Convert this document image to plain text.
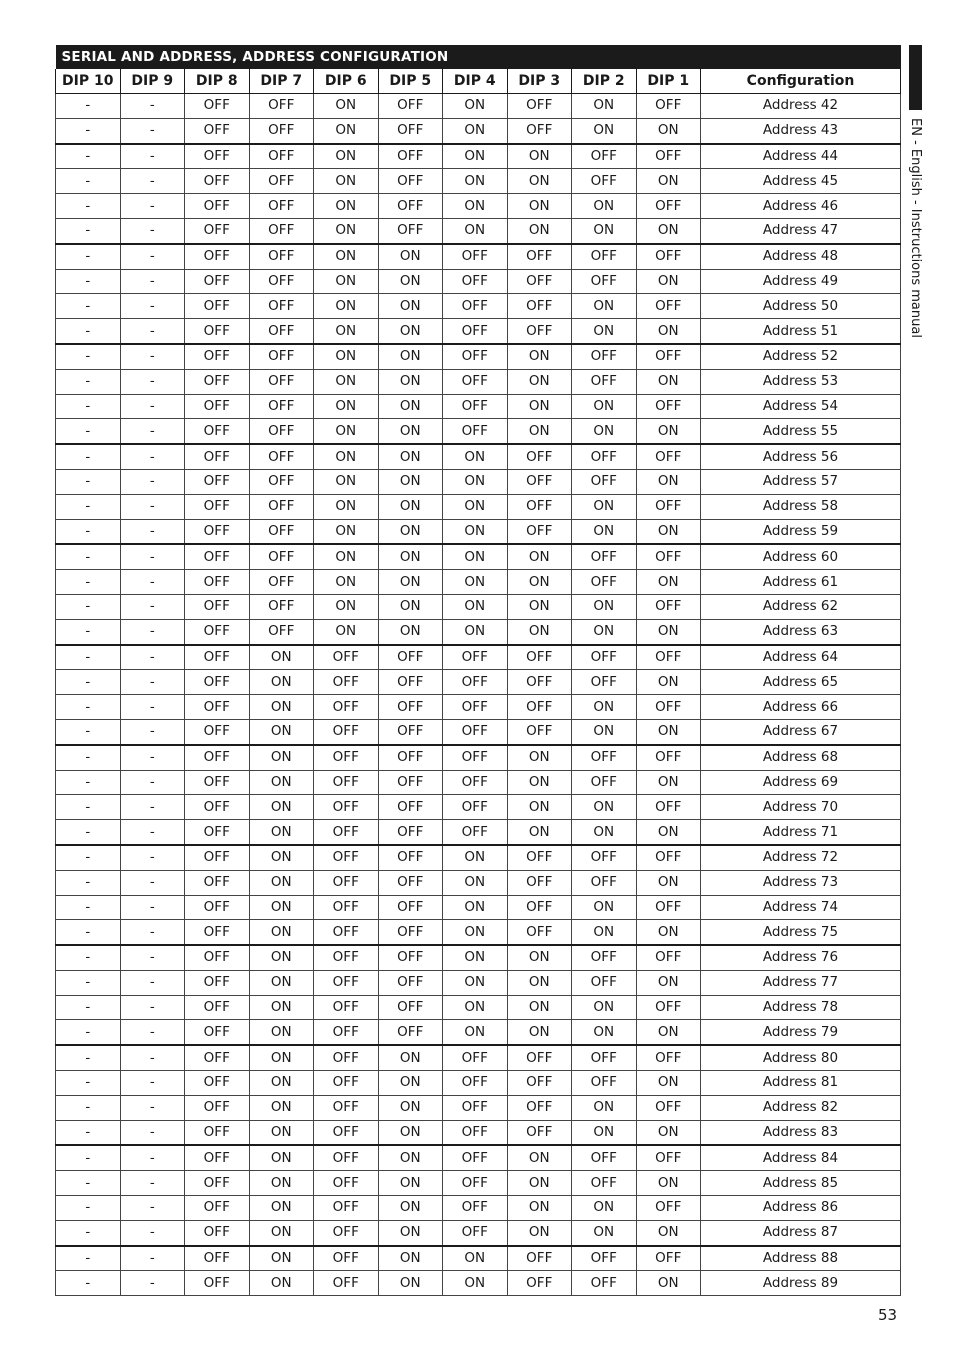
SERIAL AND ADDRESS, ADDRESS CONFIGURATION										
DIP 10	DIP 9	DIP 8	DIP 7	DIP 6	DIP 5	DIP 4	DIP 3	DIP 2	DIP 1	Configuration
-	-	OFF	OFF	ON	OFF	ON	OFF	ON	OFF	Address 42
-	-	OFF	OFF	ON	OFF	ON	OFF	ON	ON	Address 43
-	-	OFF	OFF	ON	OFF	ON	ON	OFF	OFF	Address 44
-	-	OFF	OFF	ON	OFF	ON	ON	OFF	ON	Address 45
-	-	OFF	OFF	ON	OFF	ON	ON	ON	OFF	Address 46
-	-	OFF	OFF	ON	OFF	ON	ON	ON	ON	Address 47
-	-	OFF	OFF	ON	ON	OFF	OFF	OFF	OFF	Address 48
-	-	OFF	OFF	ON	ON	OFF	OFF	OFF	ON	Address 49
-	-	OFF	OFF	ON	ON	OFF	OFF	ON	OFF	Address 50
-	-	OFF	OFF	ON	ON	OFF	OFF	ON	ON	Address 51
-	-	OFF	OFF	ON	ON	OFF	ON	OFF	OFF	Address 52
-	-	OFF	OFF	ON	ON	OFF	ON	OFF	ON	Address 53
-	-	OFF	OFF	ON	ON	OFF	ON	ON	OFF	Address 54
-	-	OFF	OFF	ON	ON	OFF	ON	ON	ON	Address 55
-	-	OFF	OFF	ON	ON	ON	OFF	OFF	OFF	Address 56
-	-	OFF	OFF	ON	ON	ON	OFF	OFF	ON	Address 57
-	-	OFF	OFF	ON	ON	ON	OFF	ON	OFF	Address 58
-	-	OFF	OFF	ON	ON	ON	OFF	ON	ON	Address 59
-	-	OFF	OFF	ON	ON	ON	ON	OFF	OFF	Address 60
-	-	OFF	OFF	ON	ON	ON	ON	OFF	ON	Address 61
-	-	OFF	OFF	ON	ON	ON	ON	ON	OFF	Address 62
-	-	OFF	OFF	ON	ON	ON	ON	ON	ON	Address 63
-	-	OFF	ON	OFF	OFF	OFF	OFF	OFF	OFF	Address 64
-	-	OFF	ON	OFF	OFF	OFF	OFF	OFF	ON	Address 65
-	-	OFF	ON	OFF	OFF	OFF	OFF	ON	OFF	Address 66
-	-	OFF	ON	OFF	OFF	OFF	OFF	ON	ON	Address 67
-	-	OFF	ON	OFF	OFF	OFF	ON	OFF	OFF	Address 68
-	-	OFF	ON	OFF	OFF	OFF	ON	OFF	ON	Address 69
-	-	OFF	ON	OFF	OFF	OFF	ON	ON	OFF	Address 70
-	-	OFF	ON	OFF	OFF	OFF	ON	ON	ON	Address 71
-	-	OFF	ON	OFF	OFF	ON	OFF	OFF	OFF	Address 72
-	-	OFF	ON	OFF	OFF	ON	OFF	OFF	ON	Address 73
-	-	OFF	ON	OFF	OFF	ON	OFF	ON	OFF	Address 74
-	-	OFF	ON	OFF	OFF	ON	OFF	ON	ON	Address 75
-	-	OFF	ON	OFF	OFF	ON	ON	OFF	OFF	Address 76
-	-	OFF	ON	OFF	OFF	ON	ON	OFF	ON	Address 77
-	-	OFF	ON	OFF	OFF	ON	ON	ON	OFF	Address 78
-	-	OFF	ON	OFF	OFF	ON	ON	ON	ON	Address 79
-	-	OFF	ON	OFF	ON	OFF	OFF	OFF	OFF	Address 80
-	-	OFF	ON	OFF	ON	OFF	OFF	OFF	ON	Address 81
-	-	OFF	ON	OFF	ON	OFF	OFF	ON	OFF	Address 82
-	-	OFF	ON	OFF	ON	OFF	OFF	ON	ON	Address 83
-	-	OFF	ON	OFF	ON	OFF	ON	OFF	OFF	Address 84
-	-	OFF	ON	OFF	ON	OFF	ON	OFF	ON	Address 85
-	-	OFF	ON	OFF	ON	OFF	ON	ON	OFF	Address 86
-	-	OFF	ON	OFF	ON	OFF	ON	ON	ON	Address 87
-	-	OFF	ON	OFF	ON	ON	OFF	OFF	OFF	Address 88
-	-	OFF	ON	OFF	ON	ON	OFF	OFF	ON	Address 89
EN - English - Instructions manual
53
